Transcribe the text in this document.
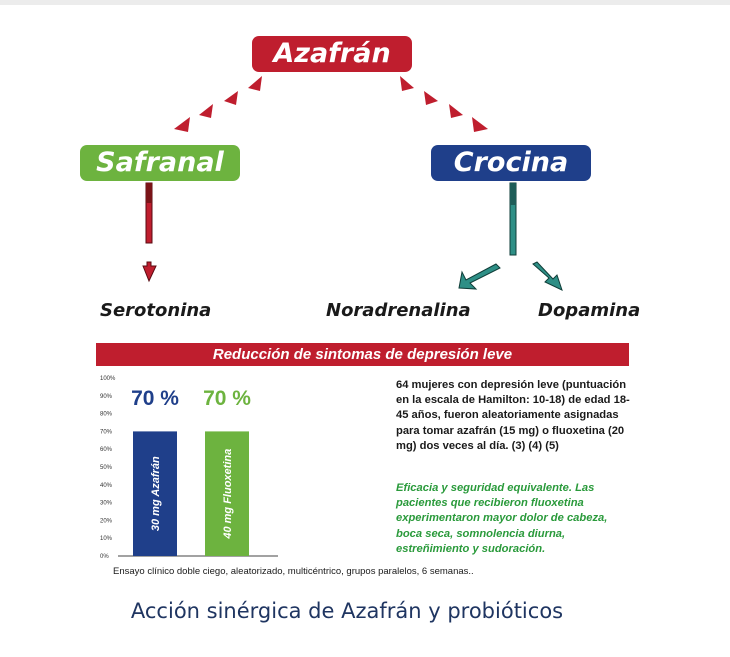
Azafrán
Safranal	Crocina
Serotonina	Noradrenalina	Dopamina
Reducción de sintomas de depresión leve
0%
10%
20%
30%
40%
50%
60%
70%
80%
90%
100%
70 %
30 mg Azafrán
70 %
40 mg Fluoxetina
64 mujeres con depresión leve (puntuación en la escala de Hamilton: 10-18) de edad 18-45 años, fueron aleatoriamente asignadas para tomar azafrán (15 mg) o fluoxetina (20 mg) dos veces al día. (3) (4) (5)
Eficacia y seguridad equivalente. Las pacientes que recibieron fluoxetina experimentaron mayor dolor de cabeza, boca seca, somnolencia diurna, estreñimiento y sudoración.
Ensayo clínico doble ciego, aleatorizado, multicéntrico, grupos paralelos, 6 semanas..
Acción sinérgica de Azafrán y probióticos
